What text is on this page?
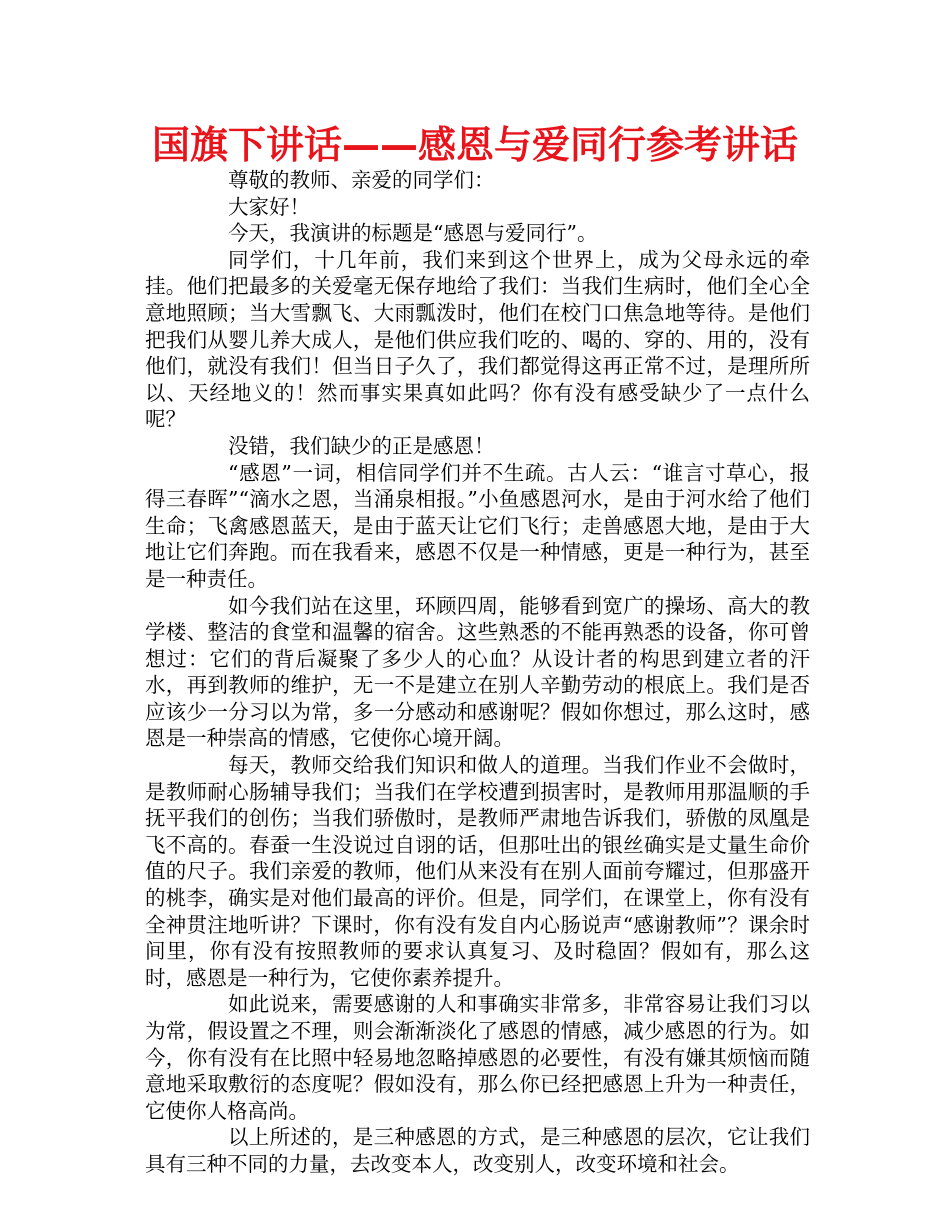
国旗下讲话——感恩与爱同行参考讲话

尊敬的教师、亲爱的同学们：

大家好！

今天，我演讲的标题是“感恩与爱同行”。

同学们，十几年前，我们来到这个世界上，成为父母永远的牵挂。他们把最多的关爱毫无保存地给了我们：当我们生病时，他们全心全意地照顾；当大雪飘飞、大雨瓢泼时，他们在校门口焦急地等待。是他们把我们从婴儿养大成人，是他们供应我们吃的、喝的、穿的、用的，没有他们，就没有我们！但当日子久了，我们都觉得这再正常不过，是理所所以、天经地义的！然而事实果真如此吗？你有没有感受缺少了一点什么呢？

没错，我们缺少的正是感恩！

“感恩”一词，相信同学们并不生疏。古人云：“谁言寸草心，报得三春晖”“滴水之恩，当涌泉相报。”小鱼感恩河水，是由于河水给了他们生命；飞禽感恩蓝天，是由于蓝天让它们飞行；走兽感恩大地，是由于大地让它们奔跑。而在我看来，感恩不仅是一种情感，更是一种行为，甚至是一种责任。

如今我们站在这里，环顾四周，能够看到宽广的操场、高大的教学楼、整洁的食堂和温馨的宿舍。这些熟悉的不能再熟悉的设备，你可曾想过：它们的背后凝聚了多少人的心血？从设计者的构思到建立者的汗水，再到教师的维护，无一不是建立在别人辛勤劳动的根底上。我们是否应该少一分习以为常，多一分感动和感谢呢？假如你想过，那么这时，感恩是一种崇高的情感，它使你心境开阔。

每天，教师交给我们知识和做人的道理。当我们作业不会做时，是教师耐心肠辅导我们；当我们在学校遭到损害时，是教师用那温顺的手抚平我们的创伤；当我们骄傲时，是教师严肃地告诉我们，骄傲的凤凰是飞不高的。春蚕一生没说过自诩的话，但那吐出的银丝确实是丈量生命价值的尺子。我们亲爱的教师，他们从来没有在别人面前夸耀过，但那盛开的桃李，确实是对他们最高的评价。但是，同学们，在课堂上，你有没有全神贯注地听讲？下课时，你有没有发自内心肠说声“感谢教师”？课余时间里，你有没有按照教师的要求认真复习、及时稳固？假如有，那么这时，感恩是一种行为，它使你素养提升。

如此说来，需要感谢的人和事确实非常多，非常容易让我们习以为常，假设置之不理，则会渐渐淡化了感恩的情感，减少感恩的行为。如今，你有没有在比照中轻易地忽略掉感恩的必要性，有没有嫌其烦恼而随意地采取敷衍的态度呢？假如没有，那么你已经把感恩上升为一种责任，它使你人格高尚。

以上所述的，是三种感恩的方式，是三种感恩的层次，它让我们具有三种不同的力量，去改变本人，改变别人，改变环境和社会。
